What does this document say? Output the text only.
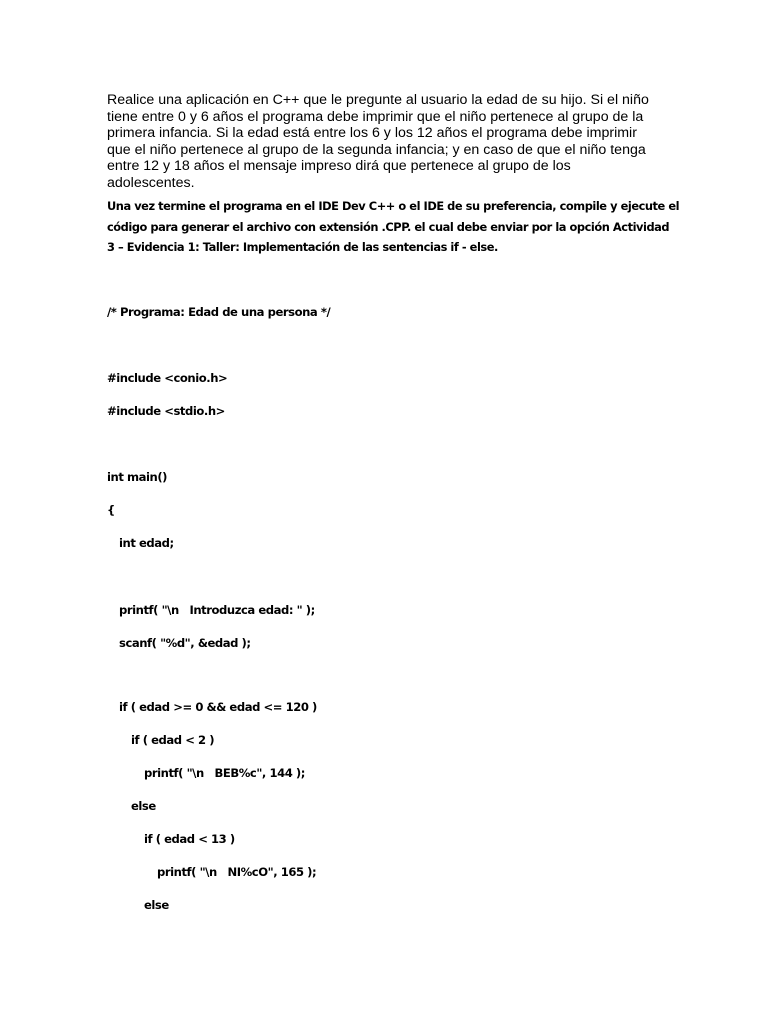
Realice una aplicación en C++ que le pregunte al usuario la edad de su hijo. Si el niño
tiene entre 0 y 6 años el programa debe imprimir que el niño pertenece al grupo de la
primera infancia. Si la edad está entre los 6 y los 12 años el programa debe imprimir
que el niño pertenece al grupo de la segunda infancia; y en caso de que el niño tenga
entre 12 y 18 años el mensaje impreso dirá que pertenece al grupo de los
adolescentes.
Una vez termine el programa en el IDE Dev C++ o el IDE de su preferencia, compile y ejecute el
código para generar el archivo con extensión .CPP. el cual debe enviar por la opción Actividad
3 – Evidencia 1: Taller: Implementación de las sentencias if - else.
/* Programa: Edad de una persona */
#include <conio.h>
#include <stdio.h>
int main()
{
int edad;
printf( "\n   Introduzca edad: " );
scanf( "%d", &edad );
if ( edad >= 0 && edad <= 120 )
if ( edad < 2 )
printf( "\n   BEB%c", 144 );
else
if ( edad < 13 )
printf( "\n   NI%cO", 165 );
else
